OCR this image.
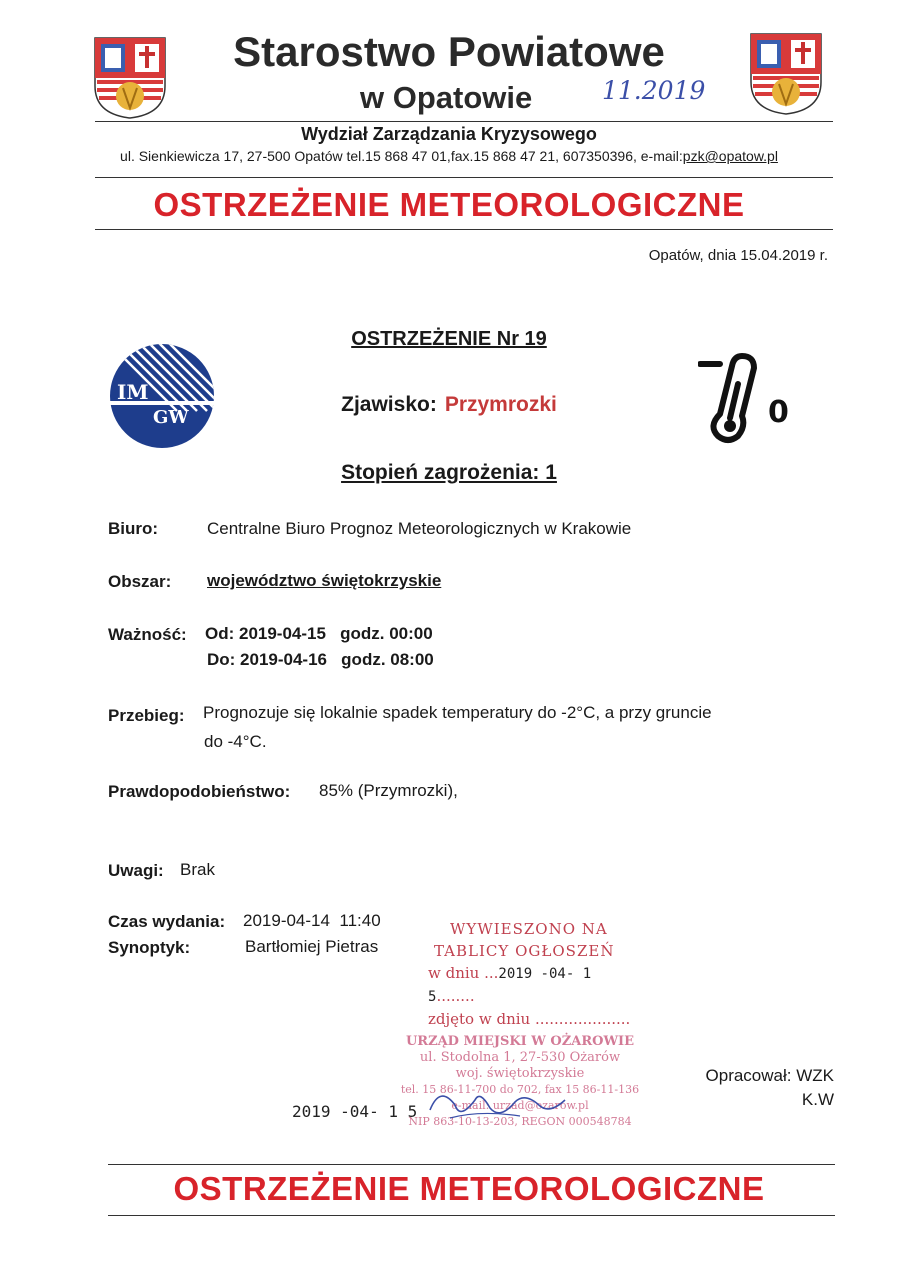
Starostwo Powiatowe
w Opatowie	11.2019
Wydział Zarządzania Kryzysowego
ul. Sienkiewicza 17, 27-500 Opatów tel.15 868 47 01,fax.15 868 47 21, 607350396, e-mail:pzk@opatow.pl
OSTRZEŻENIE METEOROLOGICZNE
Opatów, dnia 15.04.2019 r.
OSTRZEŻENIE Nr 19
IM
GW
Zjawisko: Przymrozki	0
Stopień zagrożenia: 1
Biuro:	Centralne Biuro Prognoz Meteorologicznych w Krakowie
Obszar: województwo świętokrzyskie
Ważność: Od: 2019-04-15   godz. 00:00
Do: 2019-04-16   godz. 08:00
Przebieg: Prognozuje się lokalnie spadek temperatury do -2°C, a przy gruncie
do -4°C.
Prawdopodobieństwo: 85% (Przymrozki),
Uwagi: Brak
Czas wydania: 2019-04-14  11:40
Synoptyk:	Bartłomiej Pietras
WYWIESZONO NA
TABLICY OGŁOSZEŃ
w dniu ...2019 -04- 1 5........
zdjęto w dniu ....................
URZĄD MIEJSKI W OŻAROWIE
ul. Stodolna 1, 27-530 Ożarów
woj. świętokrzyskie
tel. 15 86-11-700 do 702, fax 15 86-11-136
e-mail: urzad@ozarow.pl
NIP 863-10-13-203, REGON 000548784
2019 -04- 1 5
Opracował: WZK
K.W
OSTRZEŻENIE METEOROLOGICZNE
